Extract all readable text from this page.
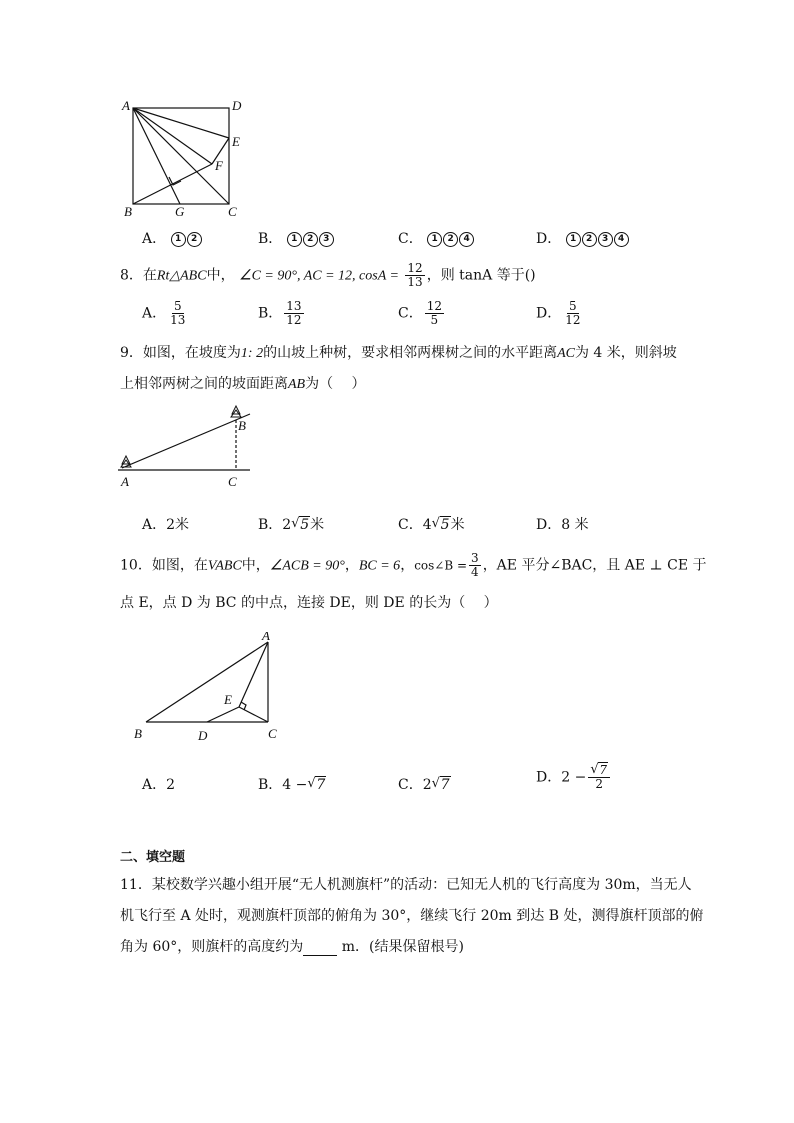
A	D
E
F
B	G	C
A． 1 2	B． 1 2 3	C． 1 2 4	D． 1 2 3 4
8．在Rt△ABC中， ∠C = 90°, AC = 12, $\cos A = \frac{12}{13}$ ，则 tanA 等于()
A． $\frac{5}{13}$	B． $\frac{13}{12}$	C． $\frac{12}{5}$	D． $\frac{5}{12}$
9．如图，在坡度为1: 2的山坡上种树，要求相邻两棵树之间的水平距离AC为 4 米，则斜坡
上相邻两树之间的坡面距离AB为（　 ）
A
B
C
A．2米	B．2 √ 5米	C．4 √ 5米	D．8 米
10．如图，在VABC中，∠ACB = 90°，BC = 6，cos∠B = $\frac{3}{4}$ ，AE 平分∠BAC，且 AE ⊥ CE 于
点 E，点 D 为 BC 的中点，连接 DE，则 DE 的长为（　 ）
A
E
B	D	C
A．2	B．4 − √ 7	C．2 √ 7	D．2 − √ $\frac{7}{2}$
二、填空题
11．某校数学兴趣小组开展“无人机测旗杆”的活动：已知无人机的飞行高度为 30m，当无人
机飞行至 A 处时，观测旗杆顶部的俯角为 30°，继续飞行 20m 到达 B 处，测得旗杆顶部的俯
角为 60°，则旗杆的高度约为	m．(结果保留根号)
